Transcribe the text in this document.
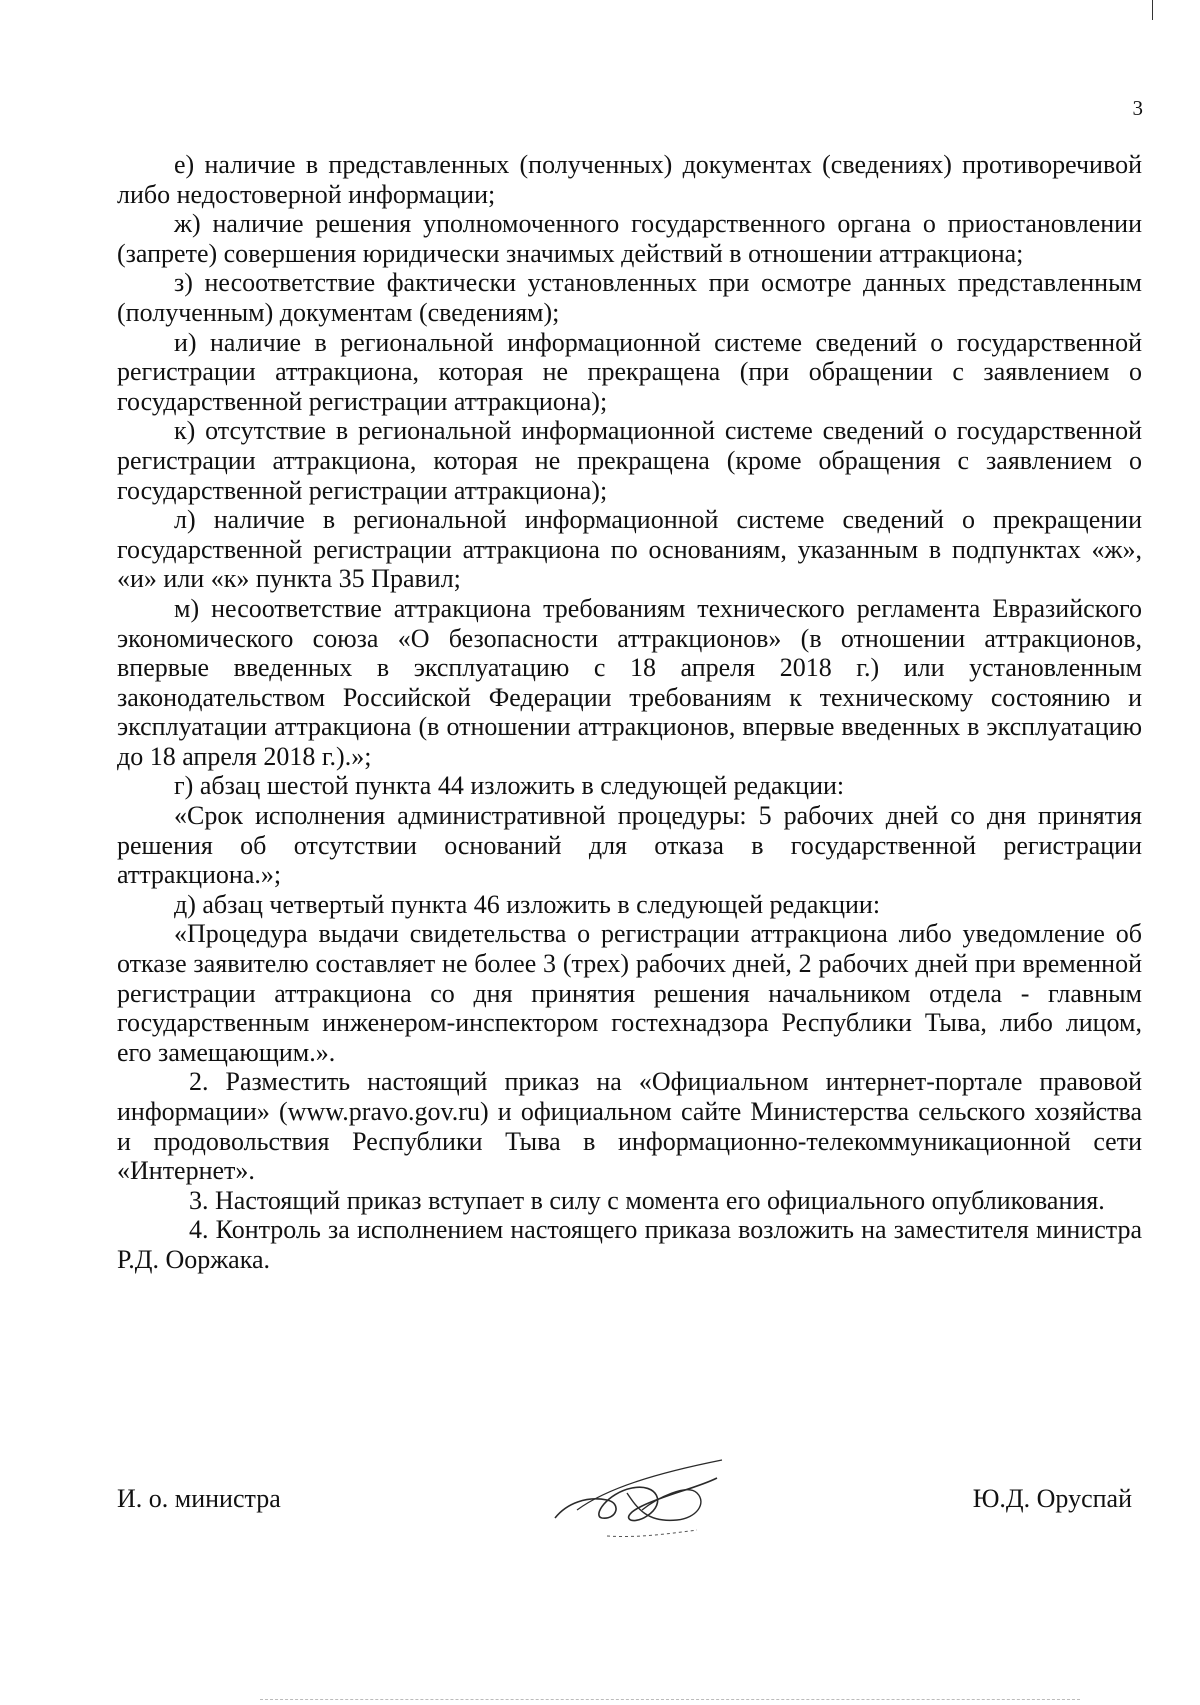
3

е) наличие в представленных (полученных) документах (сведениях) противоречивой либо недостоверной информации;

ж) наличие решения уполномоченного государственного органа о приостановлении (запрете) совершения юридически значимых действий в отношении аттракциона;

з) несоответствие фактически установленных при осмотре данных представленным (полученным) документам (сведениям);

и) наличие в региональной информационной системе сведений о государственной регистрации аттракциона, которая не прекращена (при обращении с заявлением о государственной регистрации аттракциона);

к) отсутствие в региональной информационной системе сведений о государственной регистрации аттракциона, которая не прекращена (кроме обращения с заявлением о государственной регистрации аттракциона);

л) наличие в региональной информационной системе сведений о прекращении государственной регистрации аттракциона по основаниям, указанным в подпунктах «ж», «и» или «к» пункта 35 Правил;

м) несоответствие аттракциона требованиям технического регламента Евразийского экономического союза «О безопасности аттракционов» (в отношении аттракционов, впервые введенных в эксплуатацию с 18 апреля 2018 г.) или установленным законодательством Российской Федерации требованиям к техническому состоянию и эксплуатации аттракциона (в отношении аттракционов, впервые введенных в эксплуатацию до 18 апреля 2018 г.).»;

г) абзац шестой пункта 44 изложить в следующей редакции:

«Срок исполнения административной процедуры: 5 рабочих дней со дня принятия решения об отсутствии оснований для отказа в государственной регистрации аттракциона.»;

д) абзац четвертый пункта 46 изложить в следующей редакции:

«Процедура выдачи свидетельства о регистрации аттракциона либо уведомление об отказе заявителю составляет не более 3 (трех) рабочих дней, 2 рабочих дней при временной регистрации аттракциона со дня принятия решения начальником отдела - главным государственным инженером-инспектором гостехнадзора Республики Тыва, либо лицом, его замещающим.».

2. Разместить настоящий приказ на «Официальном интернет-портале правовой информации» (www.pravo.gov.ru) и официальном сайте Министерства сельского хозяйства и продовольствия Республики Тыва в информационно-телекоммуникационной сети «Интернет».

3. Настоящий приказ вступает в силу с момента его официального опубликования.

4. Контроль за исполнением настоящего приказа возложить на заместителя министра Р.Д. Ооржака.

И. о. министра	Ю.Д. Оруспай
